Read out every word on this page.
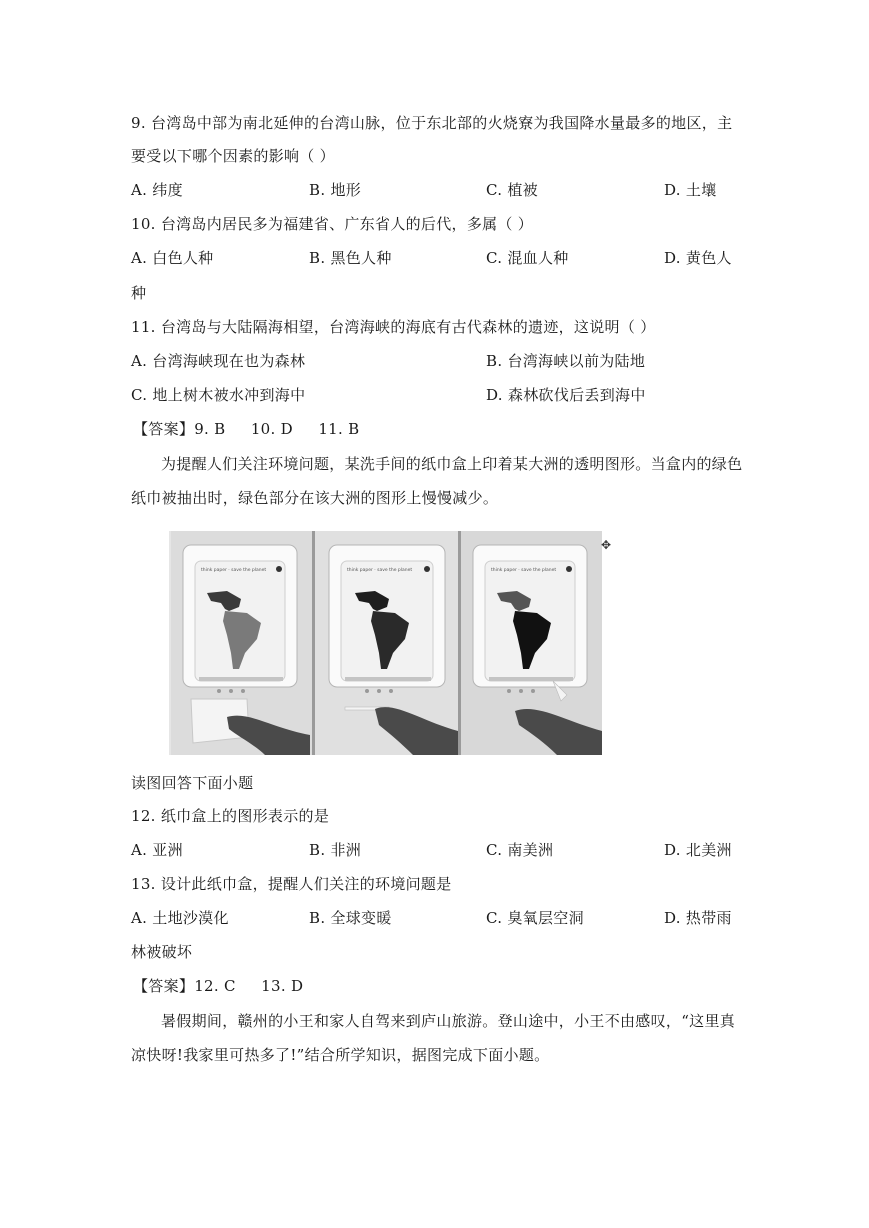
9. 台湾岛中部为南北延伸的台湾山脉，位于东北部的火烧寮为我国降水量最多的地区，主
要受以下哪个因素的影响（ ）
A. 纬度	B. 地形	C. 植被	D. 土壤
10. 台湾岛内居民多为福建省、广东省人的后代，多属（ ）
A. 白色人种	B. 黑色人种	C. 混血人种	D. 黄色人
种
11. 台湾岛与大陆隔海相望，台湾海峡的海底有古代森林的遗迹，这说明（ ）
A. 台湾海峡现在也为森林	B. 台湾海峡以前为陆地
C. 地上树木被水冲到海中	D. 森林砍伐后丢到海中
【答案】9. B     10. D     11. B
为提醒人们关注环境问题，某洗手间的纸巾盒上印着某大洲的透明图形。当盒内的绿色
纸巾被抽出时，绿色部分在该大洲的图形上慢慢减少。
think paper · save the planet	think paper · save the planet	think paper · save the planet
✥
读图回答下面小题
12. 纸巾盒上的图形表示的是
A. 亚洲	B. 非洲	C. 南美洲	D. 北美洲
13. 设计此纸巾盒，提醒人们关注的环境问题是
A. 土地沙漠化	B. 全球变暖	C. 臭氧层空洞	D. 热带雨
林被破坏
【答案】12. C     13. D
暑假期间，赣州的小王和家人自驾来到庐山旅游。登山途中，小王不由感叹，“这里真
凉快呀!我家里可热多了!”结合所学知识，据图完成下面小题。
